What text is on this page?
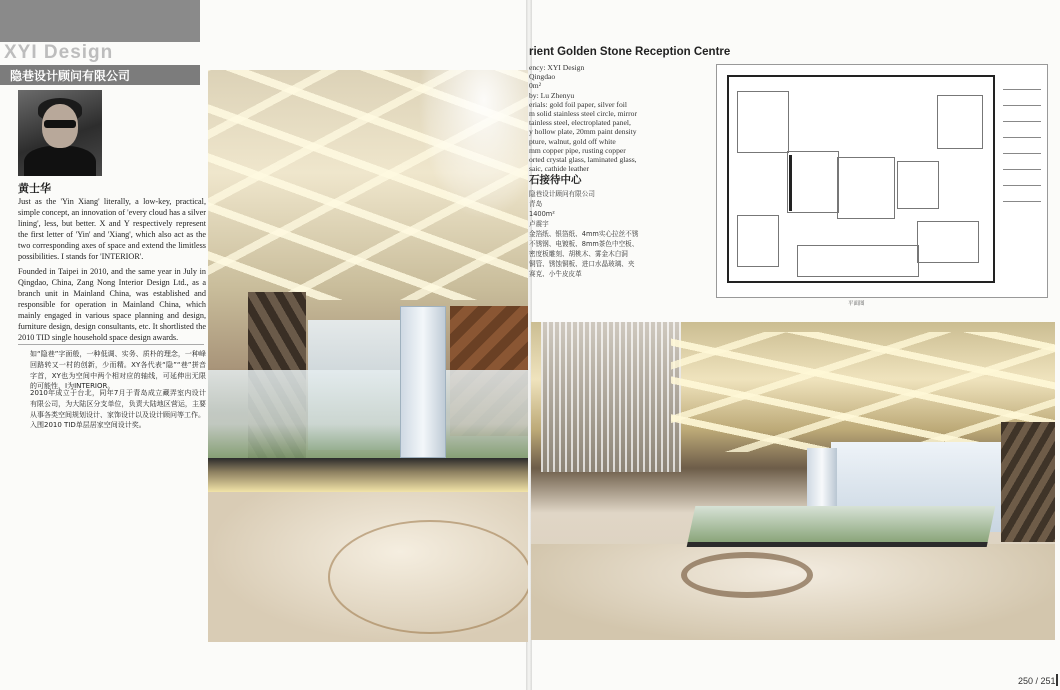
XYI Design
隐巷设计顾问有限公司
黄士华

Just as the 'Yin Xiang' literally, a low-key, practical, simple concept, an innovation of 'every cloud has a silver lining', less, but better. X and Y respectively represent the first letter of 'Yin' and 'Xiang', which also act as the two corresponding axes of space and extend the limitless possibilities. I stands for 'INTERIOR'.

Founded in Taipei in 2010, and the same year in July in Qingdao, China, Zang Nong Interior Design Ltd., as a branch unit in Mainland China, was established and responsible for operation in Mainland China, which mainly engaged in various space planning and design, furniture design, design consultants, etc. It shortlisted the 2010 TID single household space design awards.

如“隐巷”字面般，一种低调、实务、质朴的理念，一种峰回路转又一村的创新，少而精。XY各代表“隐”“巷”拼音字首，XY也为空间中两个相对应的轴线，可延伸出无限的可能性，I为INTERIOR。

2010年成立于台北，同年7月于青岛成立藏弄室内设计有限公司，为大陆区分支单位，负责大陆地区营运，主要从事各类空间规划设计、家饰设计以及设计顾问等工作。

入围2010 TID单层居家空间设计奖。

rient Golden Stone Reception Centre
ency: XYI Design
Qingdao
0m²
by: Lu Zhenyu
erials: gold foil paper, silver foil
m solid stainless steel circle, mirror
tainless steel, electroplated panel,
y hollow plate, 20mm paint density
pture, walnut, gold off white
mm copper pipe, rusting copper
orted crystal glass, laminated glass,
saic, cathide leather
石接待中心
隐巷设计顾问有限公司
青岛
1400m²
卢震宇
金箔纸、银箔纸、4mm实心拉丝不锈
不锈钢、电镀板、8mm茶色中空板、
密度板雕刻、胡桃木、雾金木白洞
铜管、锈蚀铜板、进口水晶玻璃、夹
赛克、小牛皮皮革
平面图
250 / 251
